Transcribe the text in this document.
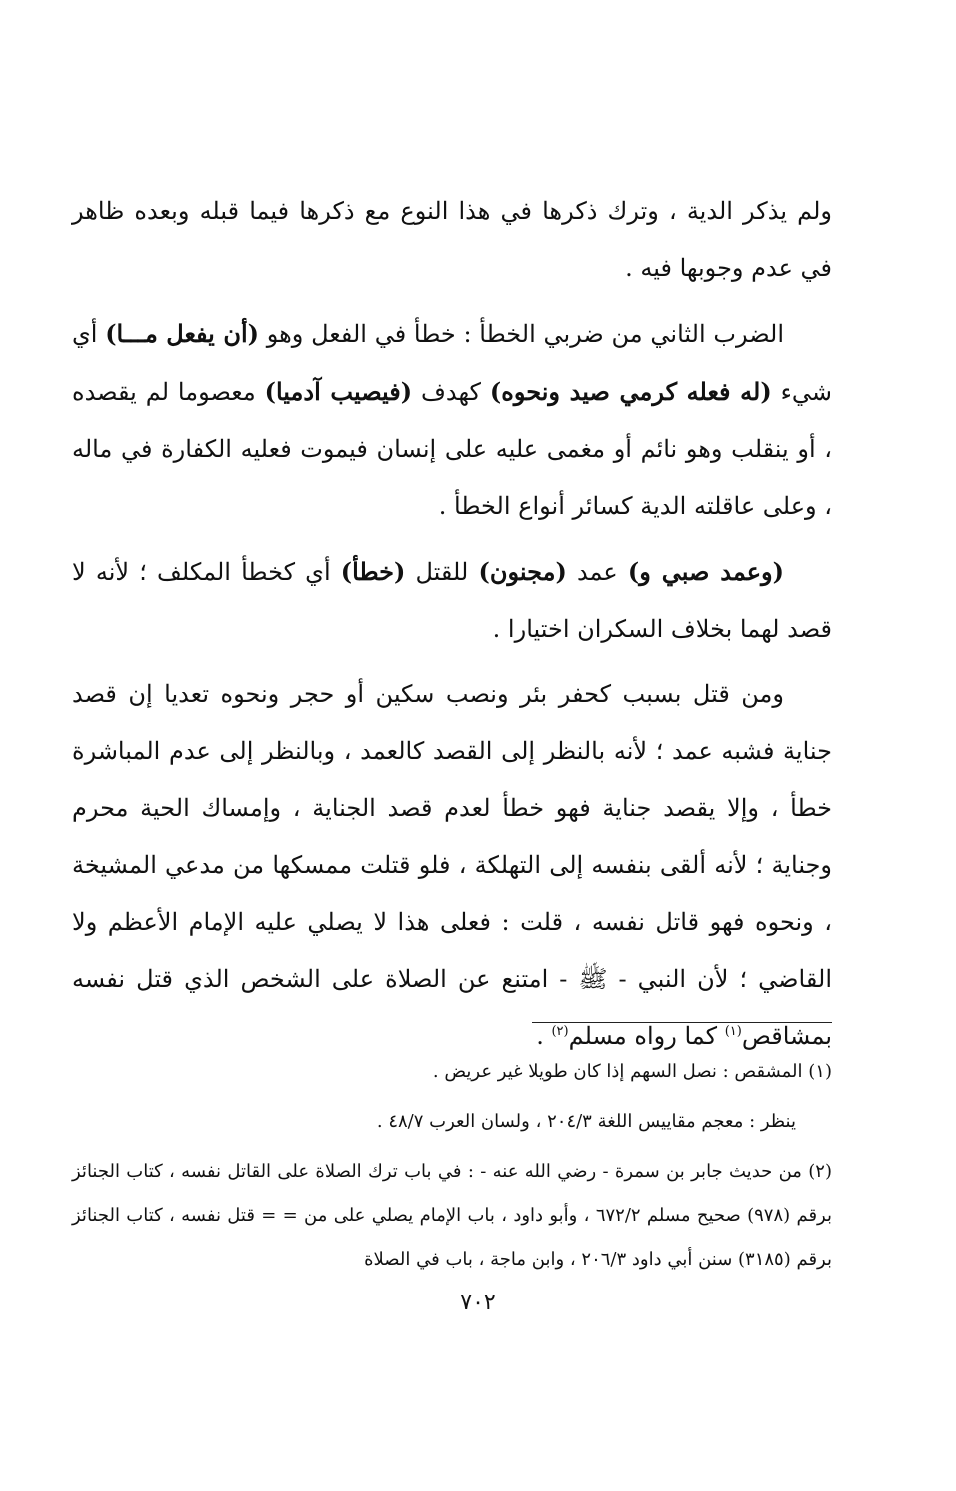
ولم يذكر الدية ، وترك ذكرها في هذا النوع مع ذكرها فيما قبله وبعده ظاهر في عدم وجوبها فيه .

الضرب الثاني من ضربي الخطأ : خطأ في الفعل وهو (أن يفعل مـــا) أي شيء (له فعله كرمي صيد ونحوه) كهدف (فيصيب آدميا) معصوما لم يقصده ، أو ينقلب وهو نائم أو مغمى عليه على إنسان فيموت فعليه الكفارة في ماله ، وعلى عاقلته الدية كسائر أنواع الخطأ .

(وعمد صبي و) عمد (مجنون) للقتل (خطأ) أي كخطأ المكلف ؛ لأنه لا قصد لهما بخلاف السكران اختيارا .

ومن قتل بسبب كحفر بئر ونصب سكين أو حجر ونحوه تعديا إن قصد جناية فشبه عمد ؛ لأنه بالنظر إلى القصد كالعمد ، وبالنظر إلى عدم المباشرة خطأ ، وإلا يقصد جناية فهو خطأ لعدم قصد الجناية ، وإمساك الحية محرم وجناية ؛ لأنه ألقى بنفسه إلى التهلكة ، فلو قتلت ممسكها من مدعي المشيخة ، ونحوه فهو قاتل نفسه ، قلت : فعلى هذا لا يصلي عليه الإمام الأعظم ولا القاضي ؛ لأن النبي - ﷺ - امتنع عن الصلاة على الشخص الذي قتل نفسه بمشاقص$^{(١)}$ كما رواه مسلم$^{(٢)}$ .

(١) المشقص : نصل السهم إذا كان طويلا غير عريض .

ينظر : معجم مقاييس اللغة ٢٠٤/٣ ، ولسان العرب ٤٨/٧ .

(٢) من حديث جابر بن سمرة - رضي الله عنه - : في باب ترك الصلاة على القاتل نفسه ، كتاب الجنائز برقم (٩٧٨) صحيح مسلم ٦٧٢/٢ ، وأبو داود ، باب الإمام يصلي على من = = قتل نفسه ، كتاب الجنائز برقم (٣١٨٥) سنن أبي داود ٢٠٦/٣ ، وابن ماجة ، باب في الصلاة

٧٠٢
